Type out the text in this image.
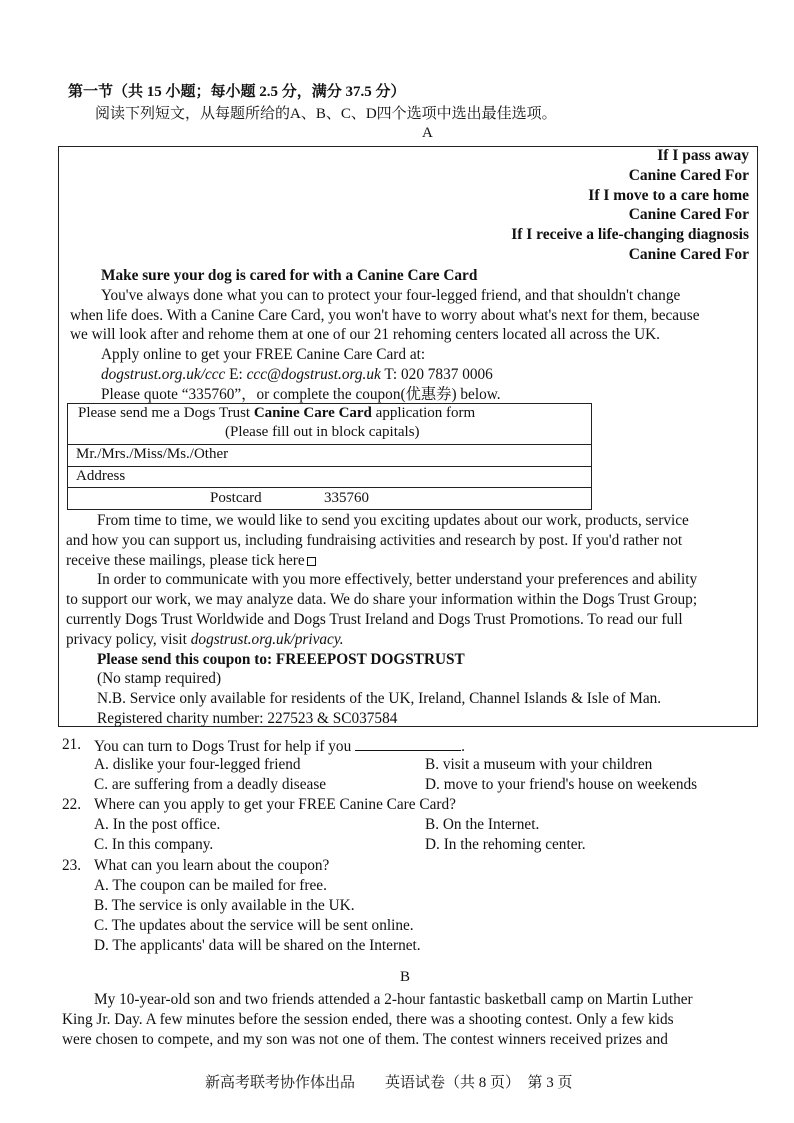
第一节（共 15 小题；每小题 2.5 分，满分 37.5 分）
阅读下列短文，从每题所给的A、B、C、D四个选项中选出最佳选项。
A
If I pass away
Canine Cared For
If I move to a care home
Canine Cared For
If I receive a life-changing diagnosis
Canine Cared For
Make sure your dog is cared for with a Canine Care Card
You've always done what you can to protect your four-legged friend, and that shouldn't change
when life does. With a Canine Care Card, you won't have to worry about what's next for them, because
we will look after and rehome them at one of our 21 rehoming centers located all across the UK.
Apply online to get your FREE Canine Care Card at:
dogstrust.org.uk/ccc E: ccc@dogstrust.org.uk T: 020 7837 0006
Please quote “335760”，or complete the coupon(优惠券) below.
Please send me a Dogs Trust Canine Care Card application form
(Please fill out in block capitals)
Mr./Mrs./Miss/Ms./Other
Address
Postcard	335760
From time to time, we would like to send you exciting updates about our work, products, service
and how you can support us, including fundraising activities and research by post. If you'd rather not
receive these mailings, please tick here
In order to communicate with you more effectively, better understand your preferences and ability
to support our work, we may analyze data. We do share your information within the Dogs Trust Group;
currently Dogs Trust Worldwide and Dogs Trust Ireland and Dogs Trust Promotions. To read our full
privacy policy, visit dogstrust.org.uk/privacy.
Please send this coupon to: FREEEPOST DOGSTRUST
(No stamp required)
N.B. Service only available for residents of the UK, Ireland, Channel Islands & Isle of Man.
Registered charity number: 227523 & SC037584
21. You can turn to Dogs Trust for help if you	.
A. dislike your four-legged friend	B. visit a museum with your children
C. are suffering from a deadly disease	D. move to your friend's house on weekends
22. Where can you apply to get your FREE Canine Care Card?
A. In the post office.	B. On the Internet.
C. In this company.	D. In the rehoming center.
23. What can you learn about the coupon?
A. The coupon can be mailed for free.
B. The service is only available in the UK.
C. The updates about the service will be sent online.
D. The applicants' data will be shared on the Internet.
B
My 10-year-old son and two friends attended a 2-hour fantastic basketball camp on Martin Luther
King Jr. Day. A few minutes before the session ended, there was a shooting contest. Only a few kids
were chosen to compete, and my son was not one of them. The contest winners received prizes and
新高考联考协作体出品　　英语试卷（共 8 页）　第 3 页
